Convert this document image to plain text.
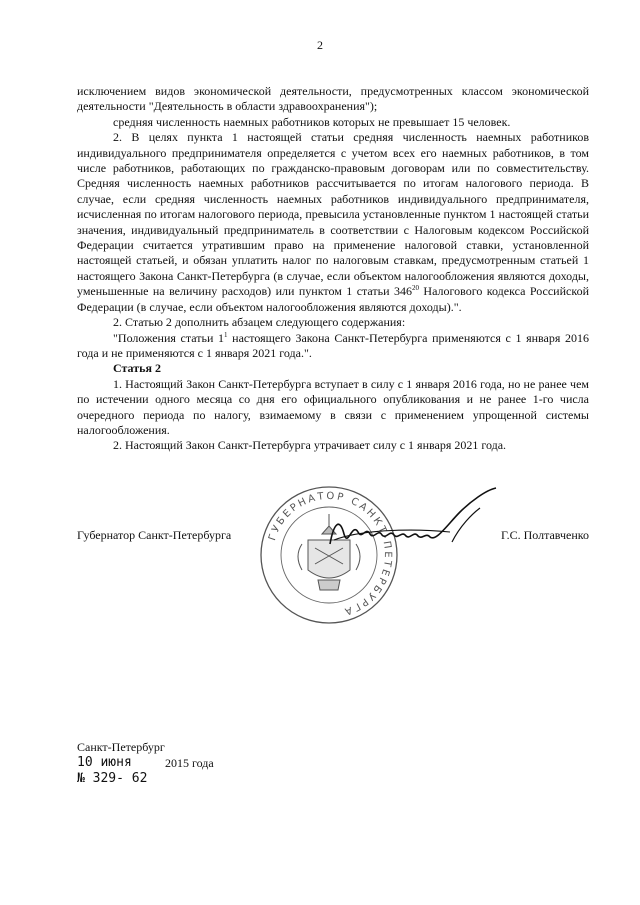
2

исключением видов экономической деятельности, предусмотренных классом экономической деятельности "Деятельность в области здравоохранения");

средняя численность наемных работников которых не превышает 15 человек.

2. В целях пункта 1 настоящей статьи средняя численность наемных работников индивидуального предпринимателя определяется с учетом всех его наемных работников, в том числе работников, работающих по гражданско-правовым договорам или по совместительству. Средняя численность наемных работников рассчитывается по итогам налогового периода. В случае, если средняя численность наемных работников индивидуального предпринимателя, исчисленная по итогам налогового периода, превысила установленные пунктом 1 настоящей статьи значения, индивидуальный предприниматель в соответствии с Налоговым кодексом Российской Федерации считается утратившим право на применение налоговой ставки, установленной настоящей статьей, и обязан уплатить налог по налоговым ставкам, предусмотренным статьей 1 настоящего Закона Санкт-Петербурга (в случае, если объектом налогообложения являются доходы, уменьшенные на величину расходов) или пунктом 1 статьи $346^{20}$ Налогового кодекса Российской Федерации (в случае, если объектом налогообложения являются доходы).".

2. Статью 2 дополнить абзацем следующего содержания:

"Положения статьи $1^1$ настоящего Закона Санкт-Петербурга применяются с 1 января 2016 года и не применяются с 1 января 2021 года.".

Статья 2

1. Настоящий Закон Санкт-Петербурга вступает в силу с 1 января 2016 года, но не ранее чем по истечении одного месяца со дня его официального опубликования и не ранее 1-го числа очередного периода по налогу, взимаемому в связи с применением упрощенной системы налогообложения.

2. Настоящий Закон Санкт-Петербурга утрачивает силу с 1 января 2021 года.

Губернатор Санкт-Петербурга	Г.С. Полтавченко
ГУБЕРНАТОР САНКТ-ПЕТЕРБУРГА
Санкт-Петербург
10 июня	2015 года
№ 329- 62
